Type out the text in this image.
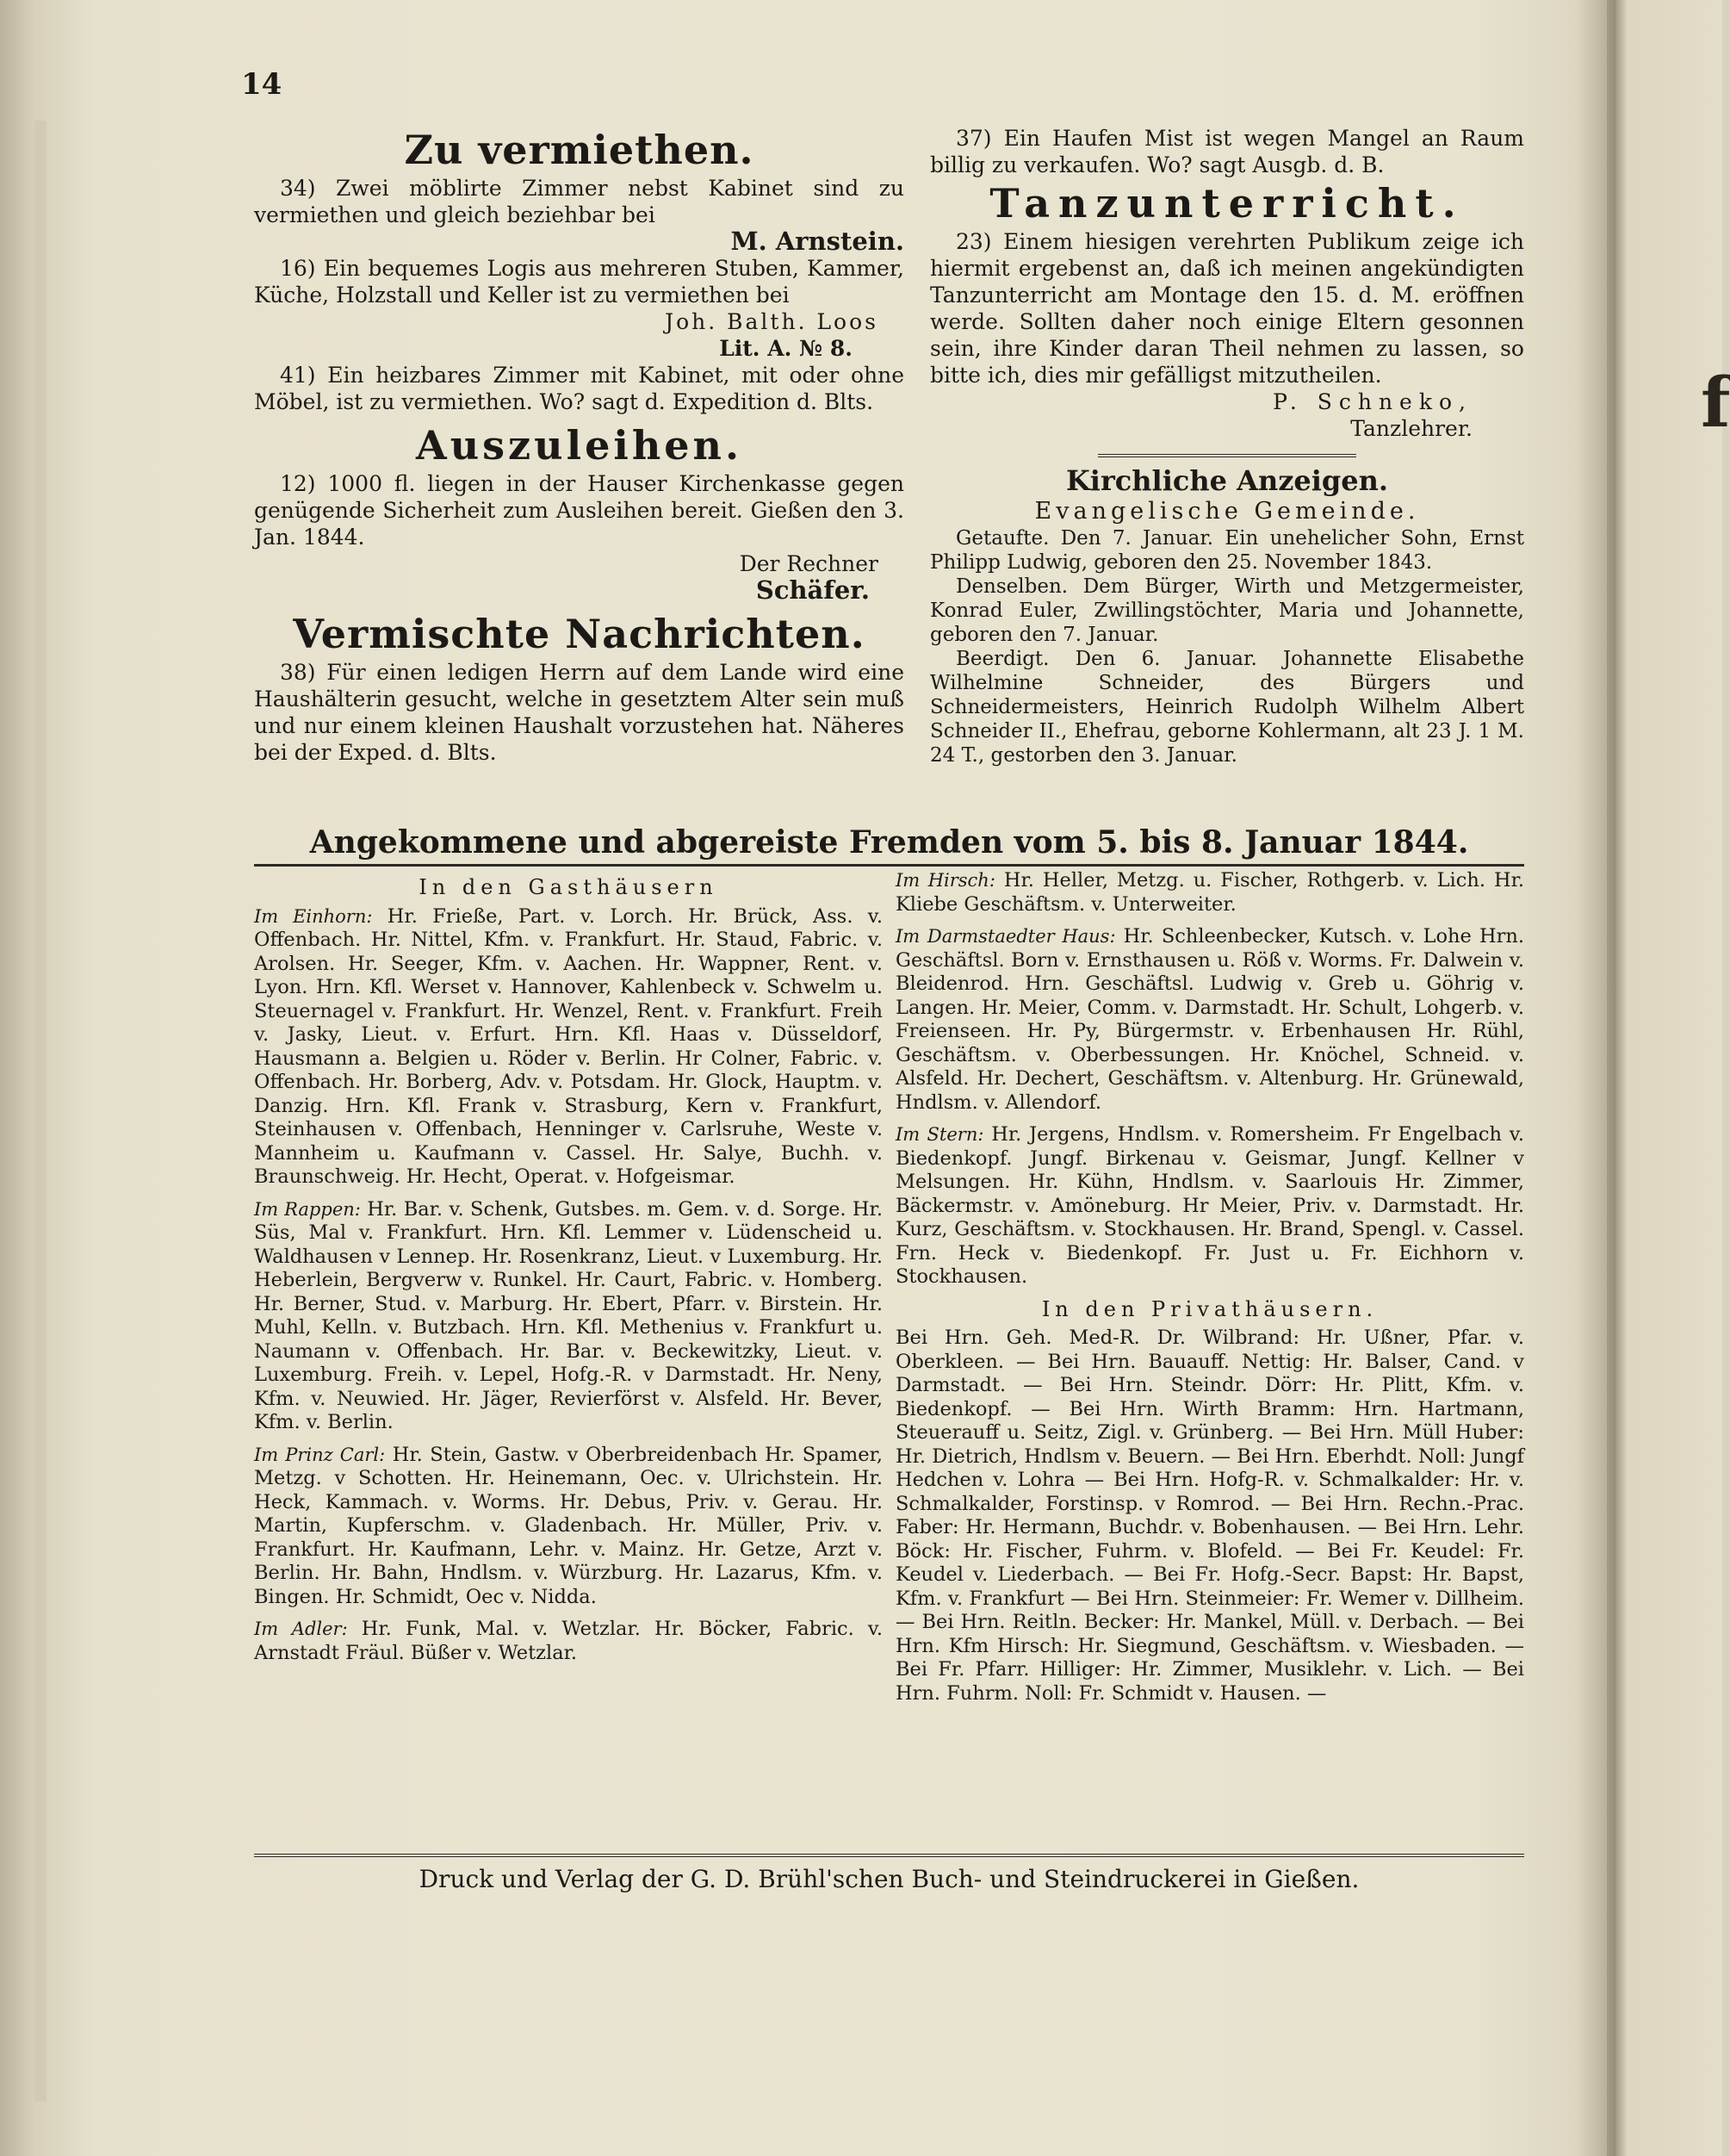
f
14
Zu vermiethen.

34) Zwei möblirte Zimmer nebst Kabinet sind zu vermiethen und gleich beziehbar bei

M. Arnstein.

16) Ein bequemes Logis aus mehreren Stuben, Kammer, Küche, Holzstall und Keller ist zu vermiethen bei

Joh. Balth. Loos

Lit. A. № 8.

41) Ein heizbares Zimmer mit Kabinet, mit oder ohne Möbel, ist zu vermiethen. Wo? sagt d. Expedition d. Blts.

Auszuleihen.

12) 1000 fl. liegen in der Hauser Kirchenkasse gegen genügende Sicherheit zum Ausleihen bereit. Gießen den 3. Jan. 1844.

Der Rechner

Schäfer.

Vermischte Nachrichten.

38) Für einen ledigen Herrn auf dem Lande wird eine Haushälterin gesucht, welche in gesetztem Alter sein muß und nur einem kleinen Haushalt vorzustehen hat. Näheres bei der Exped. d. Blts.

37) Ein Haufen Mist ist wegen Mangel an Raum billig zu verkaufen. Wo? sagt Ausgb. d. B.

Tanzunterricht.

23) Einem hiesigen verehrten Publikum zeige ich hiermit ergebenst an, daß ich meinen angekündigten Tanzunterricht am Montage den 15. d. M. eröffnen werde. Sollten daher noch einige Eltern gesonnen sein, ihre Kinder daran Theil nehmen zu lassen, so bitte ich, dies mir gefälligst mitzutheilen.

P. Schneko,

Tanzlehrer.

Kirchliche Anzeigen.

Evangelische Gemeinde.

Getaufte. Den 7. Januar. Ein unehelicher Sohn, Ernst Philipp Ludwig, geboren den 25. November 1843.

Denselben. Dem Bürger, Wirth und Metzgermeister, Konrad Euler, Zwillingstöchter, Maria und Johannette, geboren den 7. Januar.

Beerdigt. Den 6. Januar. Johannette Elisabethe Wilhelmine Schneider, des Bürgers und Schneidermeisters, Heinrich Rudolph Wilhelm Albert Schneider II., Ehefrau, geborne Kohlermann, alt 23 J. 1 M. 24 T., gestorben den 3. Januar.

Angekommene und abgereiste Fremden vom 5. bis 8. Januar 1844.

In den Gasthäusern

Im Einhorn: Hr. Frieße, Part. v. Lorch. Hr. Brück, Ass. v. Offenbach. Hr. Nittel, Kfm. v. Frankfurt. Hr. Staud, Fabric. v. Arolsen. Hr. Seeger, Kfm. v. Aachen. Hr. Wappner, Rent. v. Lyon. Hrn. Kfl. Werset v. Hannover, Kahlenbeck v. Schwelm u. Steuernagel v. Frankfurt. Hr. Wenzel, Rent. v. Frankfurt. Freih v. Jasky, Lieut. v. Erfurt. Hrn. Kfl. Haas v. Düsseldorf, Hausmann a. Belgien u. Röder v. Berlin. Hr Colner, Fabric. v. Offenbach. Hr. Borberg, Adv. v. Potsdam. Hr. Glock, Hauptm. v. Danzig. Hrn. Kfl. Frank v. Strasburg, Kern v. Frankfurt, Steinhausen v. Offenbach, Henninger v. Carlsruhe, Weste v. Mannheim u. Kaufmann v. Cassel. Hr. Salye, Buchh. v. Braunschweig. Hr. Hecht, Operat. v. Hofgeismar.

Im Rappen: Hr. Bar. v. Schenk, Gutsbes. m. Gem. v. d. Sorge. Hr. Süs, Mal v. Frankfurt. Hrn. Kfl. Lemmer v. Lüdenscheid u. Waldhausen v Lennep. Hr. Rosenkranz, Lieut. v Luxemburg. Hr. Heberlein, Bergverw v. Runkel. Hr. Caurt, Fabric. v. Homberg. Hr. Berner, Stud. v. Marburg. Hr. Ebert, Pfarr. v. Birstein. Hr. Muhl, Kelln. v. Butzbach. Hrn. Kfl. Methenius v. Frankfurt u. Naumann v. Offenbach. Hr. Bar. v. Beckewitzky, Lieut. v. Luxemburg. Freih. v. Lepel, Hofg.-R. v Darmstadt. Hr. Neny, Kfm. v. Neuwied. Hr. Jäger, Revierförst v. Alsfeld. Hr. Bever, Kfm. v. Berlin.

Im Prinz Carl: Hr. Stein, Gastw. v Oberbreidenbach Hr. Spamer, Metzg. v Schotten. Hr. Heinemann, Oec. v. Ulrichstein. Hr. Heck, Kammach. v. Worms. Hr. Debus, Priv. v. Gerau. Hr. Martin, Kupferschm. v. Gladenbach. Hr. Müller, Priv. v. Frankfurt. Hr. Kaufmann, Lehr. v. Mainz. Hr. Getze, Arzt v. Berlin. Hr. Bahn, Hndlsm. v. Würzburg. Hr. Lazarus, Kfm. v. Bingen. Hr. Schmidt, Oec v. Nidda.

Im Adler: Hr. Funk, Mal. v. Wetzlar. Hr. Böcker, Fabric. v. Arnstadt Fräul. Büßer v. Wetzlar.

Im Hirsch: Hr. Heller, Metzg. u. Fischer, Rothgerb. v. Lich. Hr. Kliebe Geschäftsm. v. Unterweiter.

Im Darmstaedter Haus: Hr. Schleenbecker, Kutsch. v. Lohe Hrn. Geschäftsl. Born v. Ernsthausen u. Röß v. Worms. Fr. Dalwein v. Bleidenrod. Hrn. Geschäftsl. Ludwig v. Greb u. Göhrig v. Langen. Hr. Meier, Comm. v. Darmstadt. Hr. Schult, Lohgerb. v. Freienseen. Hr. Py, Bürgermstr. v. Erbenhausen Hr. Rühl, Geschäftsm. v. Oberbessungen. Hr. Knöchel, Schneid. v. Alsfeld. Hr. Dechert, Geschäftsm. v. Altenburg. Hr. Grünewald, Hndlsm. v. Allendorf.

Im Stern: Hr. Jergens, Hndlsm. v. Romersheim. Fr Engelbach v. Biedenkopf. Jungf. Birkenau v. Geismar, Jungf. Kellner v Melsungen. Hr. Kühn, Hndlsm. v. Saarlouis Hr. Zimmer, Bäckermstr. v. Amöneburg. Hr Meier, Priv. v. Darmstadt. Hr. Kurz, Geschäftsm. v. Stockhausen. Hr. Brand, Spengl. v. Cassel. Frn. Heck v. Biedenkopf. Fr. Just u. Fr. Eichhorn v. Stockhausen.

In den Privathäusern.

Bei Hrn. Geh. Med-R. Dr. Wilbrand: Hr. Ußner, Pfar. v. Oberkleen. — Bei Hrn. Bauauff. Nettig: Hr. Balser, Cand. v Darmstadt. — Bei Hrn. Steindr. Dörr: Hr. Plitt, Kfm. v. Biedenkopf. — Bei Hrn. Wirth Bramm: Hrn. Hartmann, Steuerauff u. Seitz, Zigl. v. Grünberg. — Bei Hrn. Müll Huber: Hr. Dietrich, Hndlsm v. Beuern. — Bei Hrn. Eberhdt. Noll: Jungf Hedchen v. Lohra — Bei Hrn. Hofg-R. v. Schmalkalder: Hr. v. Schmalkalder, Forstinsp. v Romrod. — Bei Hrn. Rechn.-Prac. Faber: Hr. Hermann, Buchdr. v. Bobenhausen. — Bei Hrn. Lehr. Böck: Hr. Fischer, Fuhrm. v. Blofeld. — Bei Fr. Keudel: Fr. Keudel v. Liederbach. — Bei Fr. Hofg.-Secr. Bapst: Hr. Bapst, Kfm. v. Frankfurt — Bei Hrn. Steinmeier: Fr. Wemer v. Dillheim. — Bei Hrn. Reitln. Becker: Hr. Mankel, Müll. v. Derbach. — Bei Hrn. Kfm Hirsch: Hr. Siegmund, Geschäftsm. v. Wiesbaden. — Bei Fr. Pfarr. Hilliger: Hr. Zimmer, Musiklehr. v. Lich. — Bei Hrn. Fuhrm. Noll: Fr. Schmidt v. Hausen. —

Druck und Verlag der G. D. Brühl'schen Buch- und Steindruckerei in Gießen.
